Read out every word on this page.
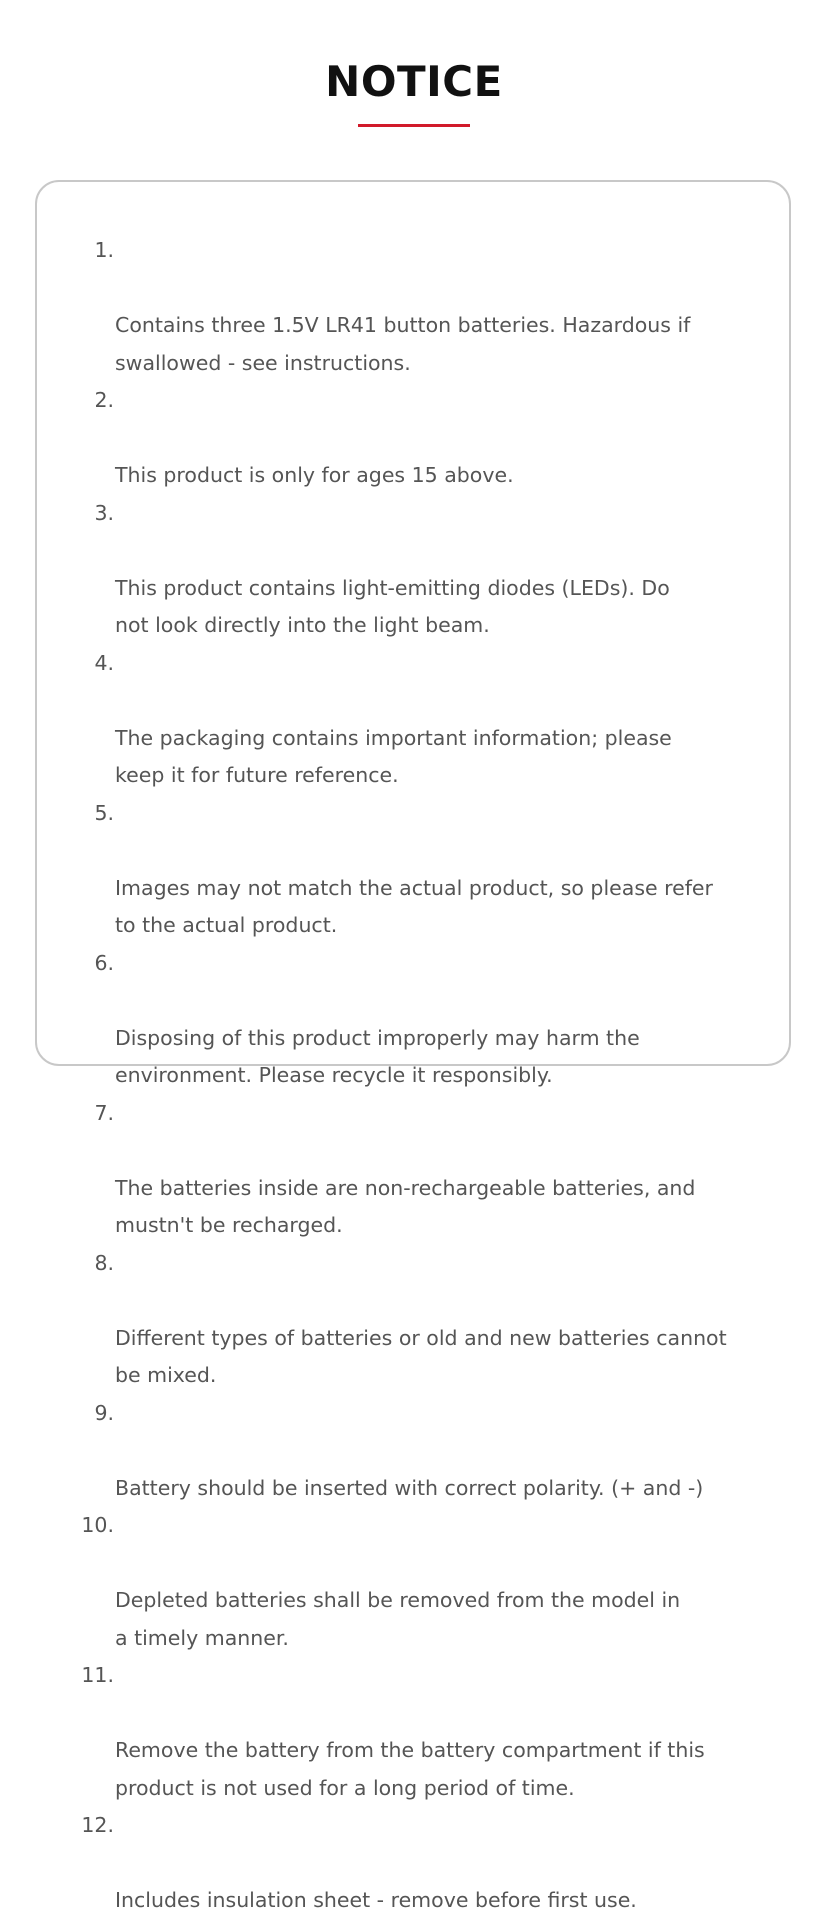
NOTICE

1.

Contains three 1.5V LR41 button batteries. Hazardous if
swallowed - see instructions.

2.

This product is only for ages 15 above.

3.

This product contains light-emitting diodes (LEDs). Do
not look directly into the light beam.

4.

The packaging contains important information; please
keep it for future reference.

5.

Images may not match the actual product, so please refer
to the actual product.

6.

Disposing of this product improperly may harm the
environment. Please recycle it responsibly.

7.

The batteries inside are non-rechargeable batteries, and
mustn't be recharged.

8.

Different types of batteries or old and new batteries cannot
be mixed.

9.

Battery should be inserted with correct polarity. (+ and -)

10.

Depleted batteries shall be removed from the model in
a timely manner.

11.

Remove the battery from the battery compartment if this
product is not used for a long period of time.

12.

Includes insulation sheet - remove before first use.
